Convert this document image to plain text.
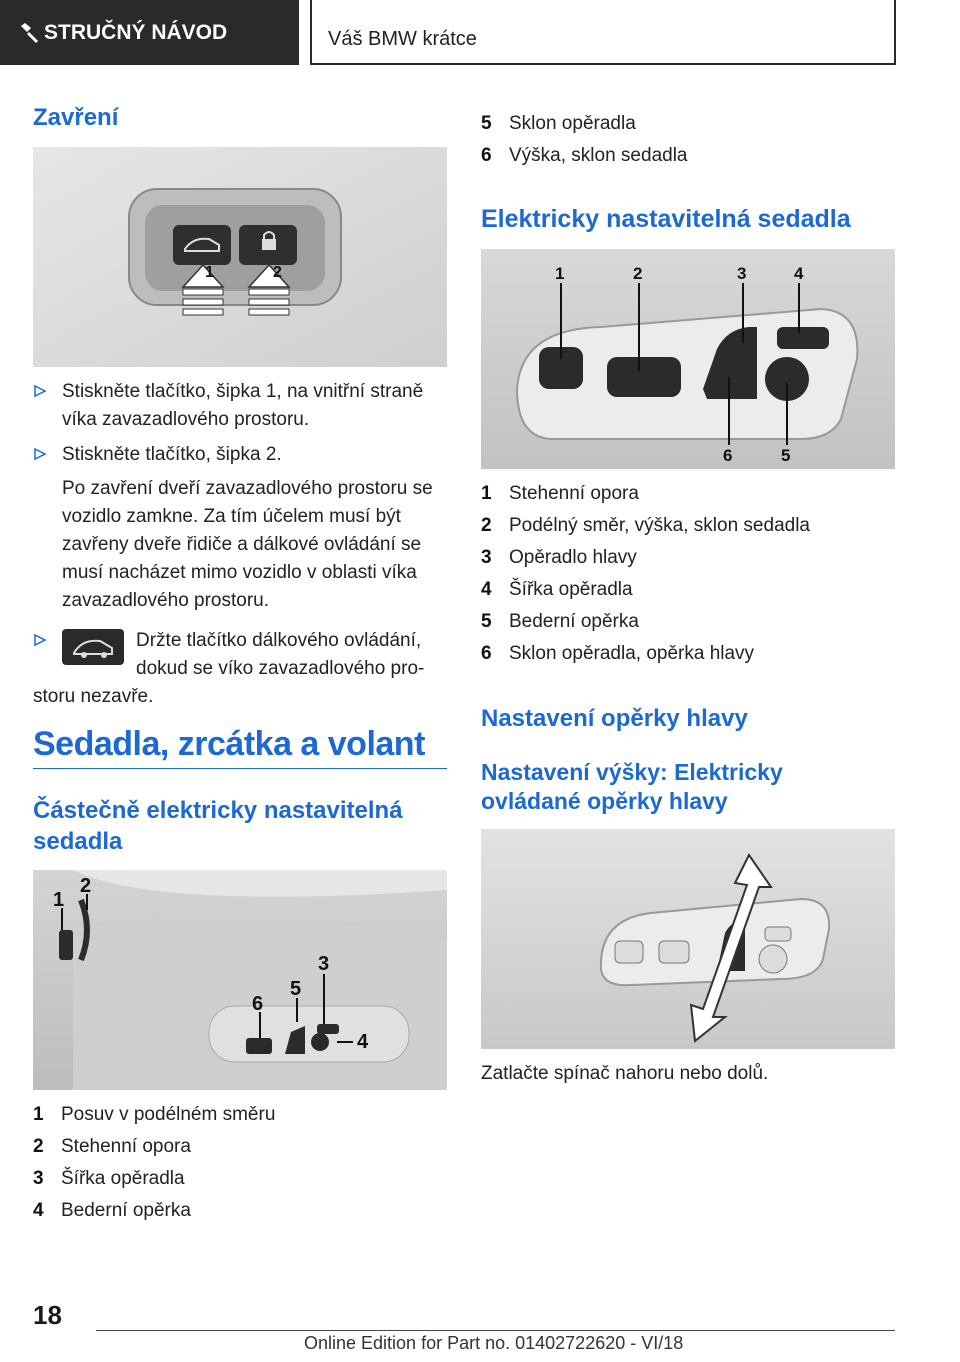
STRUČNÝ NÁVOD	Váš BMW krátce
Zavření
1	2

Stiskněte tlačítko, šipka 1, na vnitřní straně víka zavazadlového prostoru.

Stiskněte tlačítko, šipka 2.

Po zavření dveří zavazadlového prostoru se vozidlo zamkne. Za tím účelem musí být zavřeny dveře řidiče a dálkové ovládání se musí nacházet mimo vozidlo v oblasti víka zavazadlového prostoru.

Držte tlačítko dálkového ovládání,
dokud se víko zavazadlového pro-
storu nezavře.
Sedadla, zrcátka a volant
Částečně elektricky nastavitelná
sedadla
1
2
3
4
5
6
1 Posuv v podélném směru
2 Stehenní opora
3 Šířka opěradla
4 Bederní opěrka
5 Sklon opěradla
6 Výška, sklon sedadla
Elektricky nastavitelná sedadla
1	2	3	4
6	5
1 Stehenní opora
2 Podélný směr, výška, sklon sedadla
3 Opěradlo hlavy
4 Šířka opěradla
5 Bederní opěrka
6 Sklon opěradla, opěrka hlavy
Nastavení opěrky hlavy
Nastavení výšky: Elektricky
ovládané opěrky hlavy
Zatlačte spínač nahoru nebo dolů.
18
Online Edition for Part no. 01402722620 - VI/18
